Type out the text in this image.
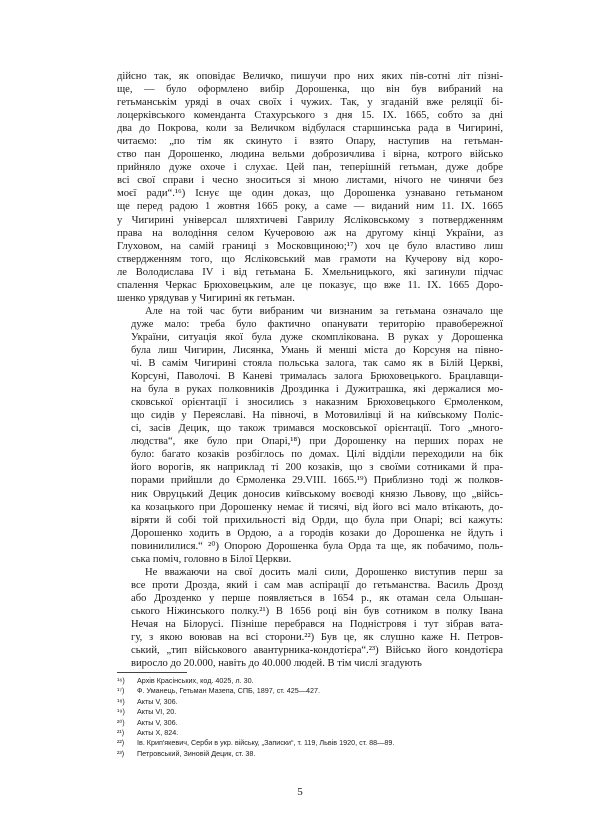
дійсно так, як оповідає Величко, пишучи про них яких пів-сотні літ пізні-
ще, — було оформлено вибір Дорошенка, що він був вибраний на
гетьманськім уряді в очах своїх і чужих. Так, у згаданій вже реляції бі-
лоцерківського коменданта Стахурського з дня 15. IX. 1665, cобто за дні
два до Покрова, коли за Величком відбулася старшинська рада в Чигирині,
читаємо: „по тім як скинуто і взято Опару, наступив на гетьман-
ство пан Дорошенко, людина вельми доброзичлива і вірна, котрого військо
прийняло дуже охоче і слухає. Цей пан, теперішній гетьман, дуже добре
всі свої справи і чесно зноситься зі мною листами, нічого не чинячи без
моєї ради“.¹⁶) Існує ще один доказ, що Дорошенка узнавано гетьманом
ще перед радою 1 жовтня 1665 року, а саме — виданий ним 11. IX. 1665
у Чигирині універсал шляхтичеві Гаврилу Ясліковському з потвердженням
права на володіння селом Кучеровою аж на другому кінці України, аз
Глуховом, на самій границі з Московщиною;¹⁷) хоч це було властиво лиш
ствердженням того, що Ясліковський мав грамоти на Кучерову від коро-
ле Володислава IV і від гетьмана Б. Хмельницького, які загинули підчас
спалення Черкас Брюховецьким, але це показує, що вже 11. IX. 1665 Доро-
шенко урядував у Чигирині як гетьман.

Але на той час бути вибраним чи визнаним за гетьмана означало ще
дуже мало: треба було фактично опанувати територію правобережної
України, ситуація якої була дуже скомплікована. В руках у Дорошенка
була лиш Чигирин, Лисянка, Умань й менші міста до Корсуня на півно-
чі. В самім Чигирині стояла польська залога, так само як в Білій Церкві,
Корсуні, Паволочі. В Каневі трималась залога Брюховецького. Брацлавщи-
на була в руках полковників Дроздинка і Дужитрашка, які держалися мо-
сковської орієнтації і зносились з наказним Брюховецького Єрмоленком,
що сидів у Переяславі. На півночі, в Мотовилівці й на київському Поліс-
сі, засів Децик, що також тримався московської орієнтації. Того „много-
людства“, яке було при Опарі,¹⁸) при Дорошенку на перших порах не
було: багато козаків розбіглось по домах. Цілі відділи переходили на бік
його ворогів, як наприклад ті 200 козаків, що з своїми сотниками й пра-
порами прийшли до Єрмоленка 29.VIII. 1665.¹⁹) Приблизно тоді ж полков-
ник Овруцький Децик доносив київському воєводі князю Львову, що „війсь-
ка козацького при Дорошенку немає й тисячі, від його всі мало втікають, до-
віряти й собі той прихильності від Орди, що була при Опарі; всі кажуть:
Дорошенко ходить в Ордою, а а городів козаки до Дорошенка не йдуть і
повинилилися.“ ²⁰) Опорою Дорошенка була Орда та ще, як побачимо, поль-
ська поміч, головно в Білої Церкви.

Не вважаючи на свої досить малі сили, Дорошенко виступив перш за
все проти Дрозда, який і сам мав аспірації до гетьманства. Василь Дрозд
або Дрозденко у перше появляється в 1654 р., як отаман села Ольшан-
ського Ніжинського полку.²¹) В 1656 році він був сотником в полку Івана
Нечая на Білорусі. Пізніше перебрався на Подністровя і тут зібрав вата-
гу, з якою воював на всі сторони.²²) Був це, як слушно каже Н. Петров-
ський, „тип військового авантурника-кондотієра“.²³) Військо його кондотієра
виросло до 20.000, навіть до 40.000 людей. В тім числі згадують

¹⁶) Архів Красінських, код. 4025, л. 30.
¹⁷) Ф. Уманець, Гетьман Мазепа, СПБ, 1897, ст. 425—427.
¹⁸) Акты V, 306.
¹⁹) Акты VI, 20.
²⁰) Акты V, 306.
²¹) Акты X, 824.
²²) Ів. Крип'якевич, Серби в укр. війську, „Записки“, т. 119, Львів 1920, ст. 88—89.
²³) Петровський, Зиновій Децик, ст. 38.
5
